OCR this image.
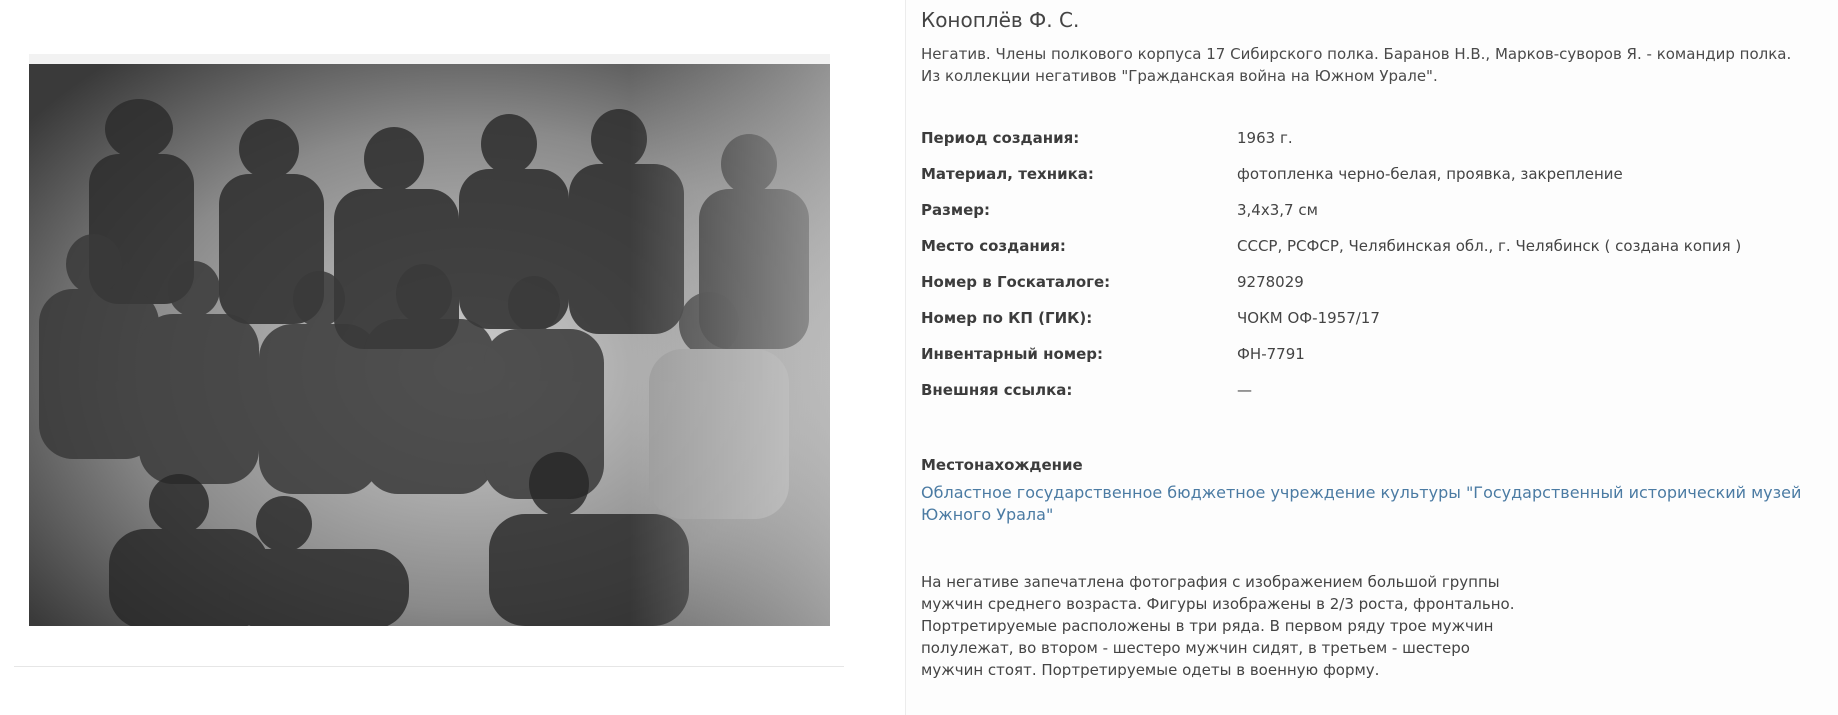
Коноплёв Ф. С.

Негатив. Члены полкового корпуса 17 Сибирского полка. Баранов Н.В., Марков-суворов Я. - командир полка. Из коллекции негативов "Гражданская война на Южном Урале".

Период создания:	1963 г.
Материал, техника:	фотопленка черно-белая, проявка, закрепление
Размер:	3,4x3,7 см
Место создания:	СССР, РСФСР, Челябинская обл., г. Челябинск ( создана копия )
Номер в Госкаталоге:	9278029
Номер по КП (ГИК):	ЧОКМ ОФ-1957/17
Инвентарный номер:	ФН-7791
Внешняя ссылка:	—
Местонахождение
Областное государственное бюджетное учреждение культуры "Государственный исторический музей Южного Урала"

На негативе запечатлена фотография с изображением большой группы мужчин среднего возраста. Фигуры изображены в 2/3 роста, фронтально. Портретируемые расположены в три ряда. В первом ряду трое мужчин полулежат, во втором - шестеро мужчин сидят, в третьем - шестеро мужчин стоят. Портретируемые одеты в военную форму.
